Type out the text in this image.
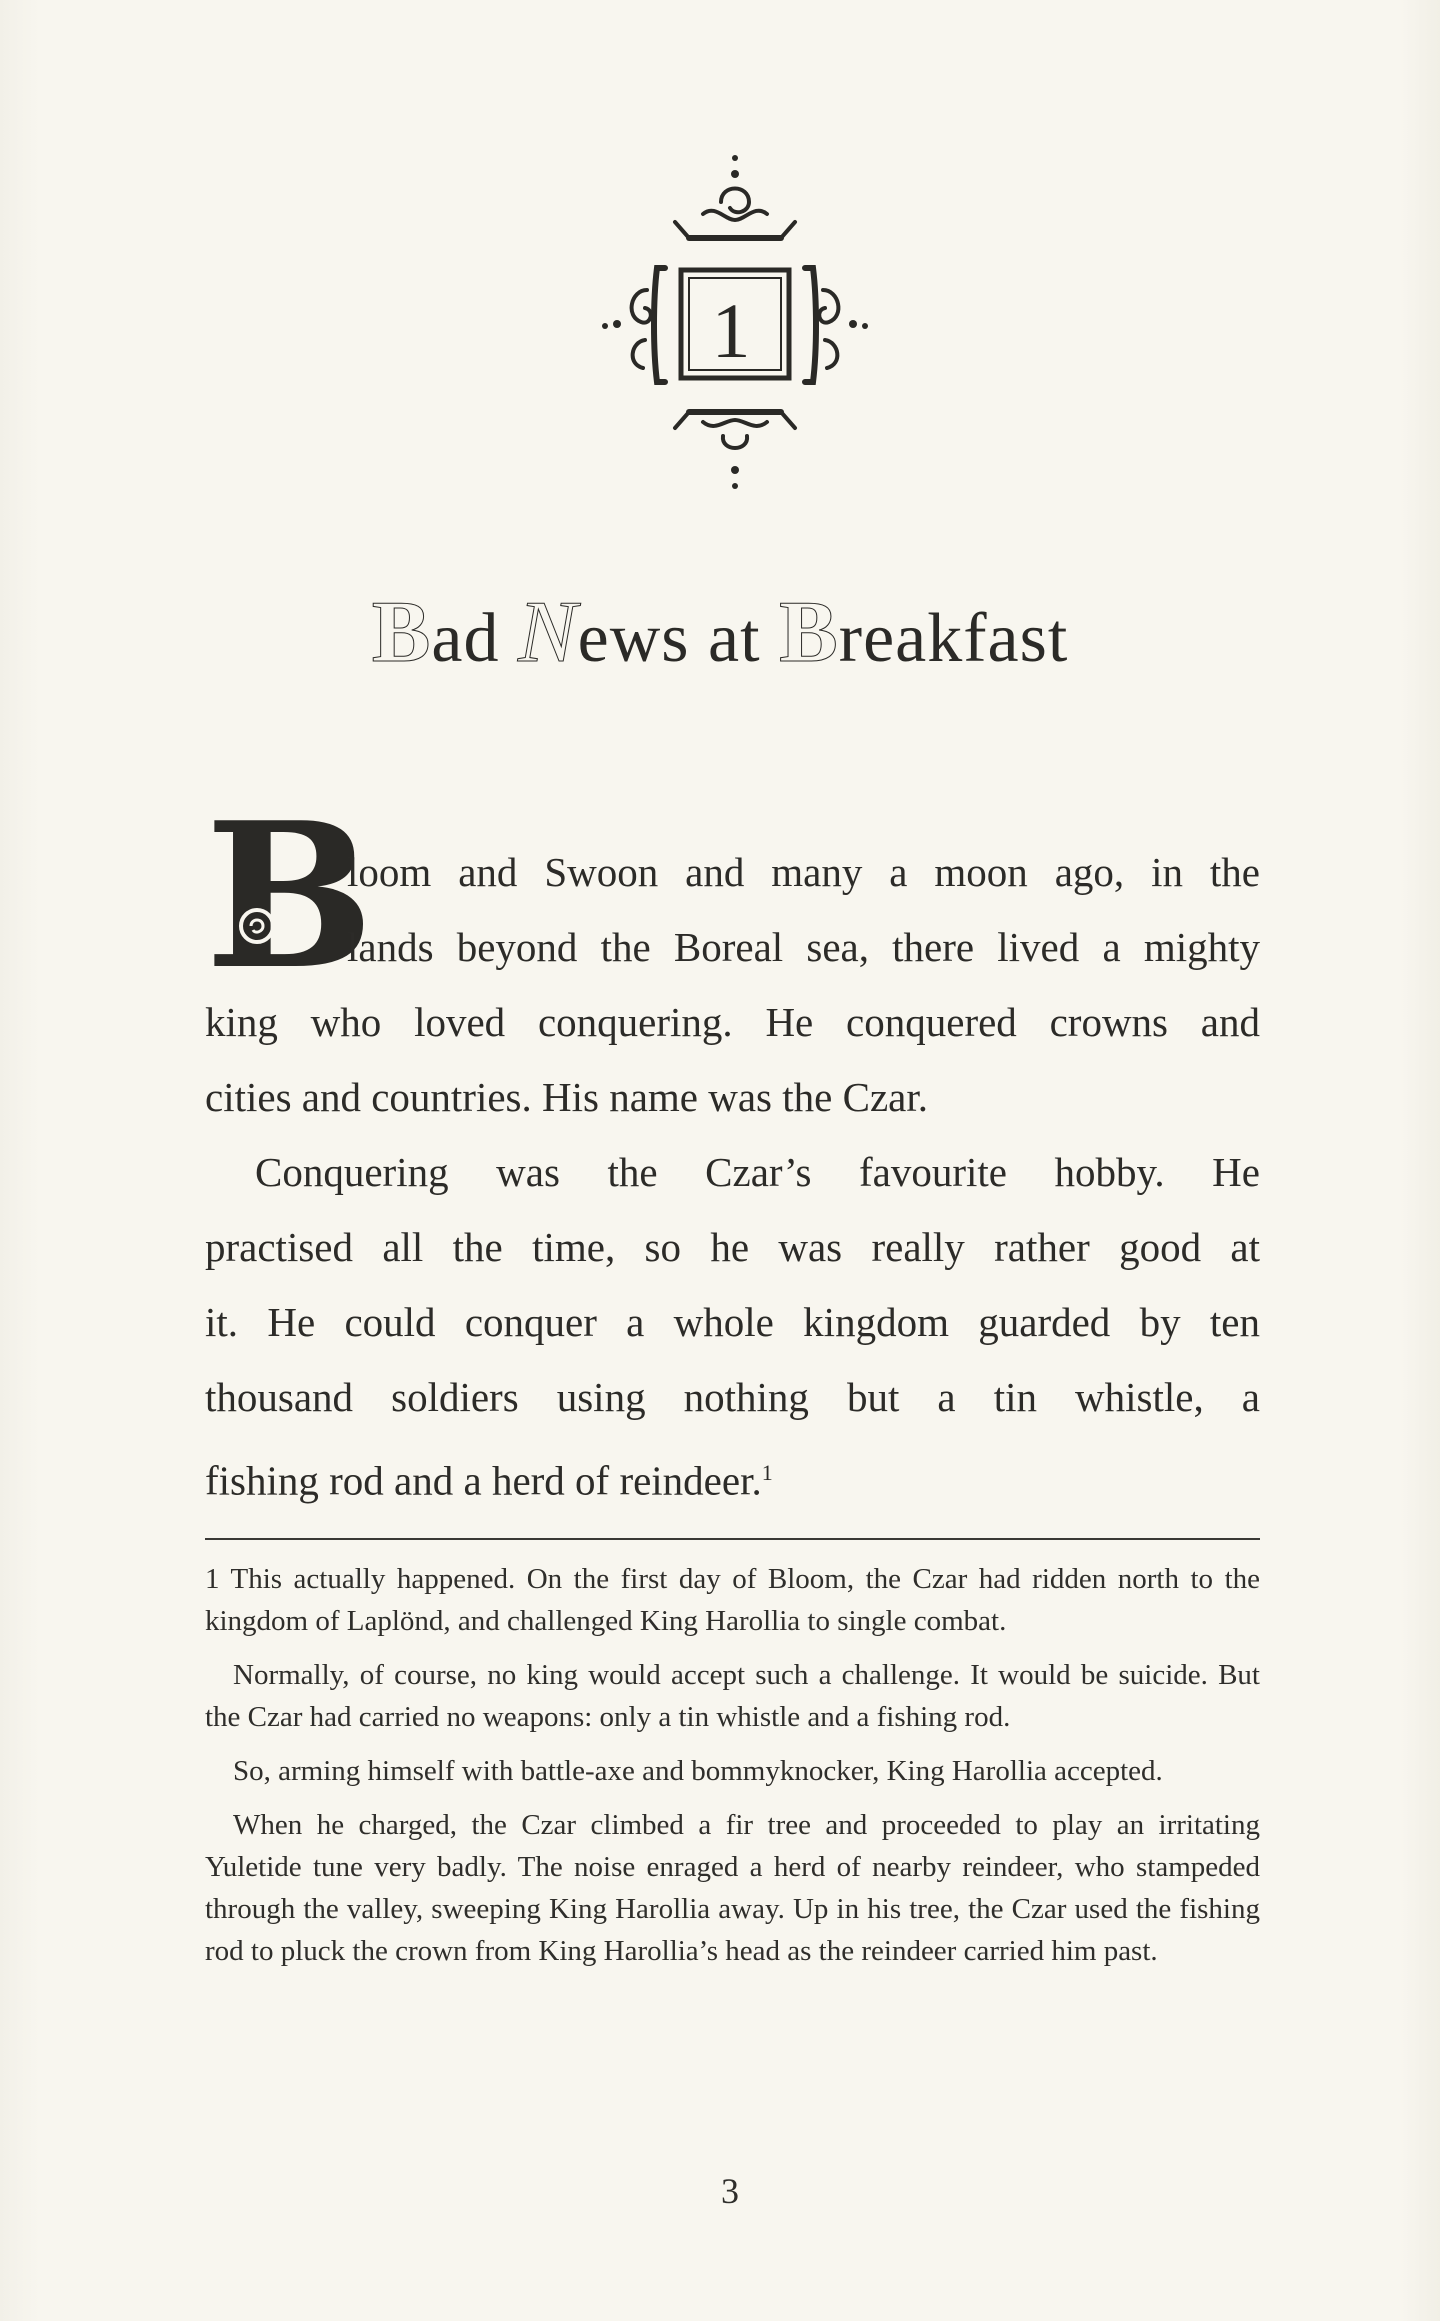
1
Bad News at Breakfast
B
loom and Swoon and many a moon ago, in the
lands beyond the Boreal sea, there lived a mighty
king who loved conquering. He conquered crowns and
cities and countries. His name was the Czar.
Conquering was the Czar’s favourite hobby. He
practised all the time, so he was really rather good at
it. He could conquer a whole kingdom guarded by ten
thousand soldiers using nothing but a tin whistle, a
fishing rod and a herd of reindeer.$^1$

1 This actually happened. On the first day of Bloom, the Czar had ridden north to the kingdom of Laplönd, and challenged King Harollia to single combat.

Normally, of course, no king would accept such a challenge. It would be suicide. But the Czar had carried no weapons: only a tin whistle and a fishing rod.

So, arming himself with battle-axe and bommyknocker, King Harollia accepted.

When he charged, the Czar climbed a fir tree and proceeded to play an irritating Yuletide tune very badly. The noise enraged a herd of nearby reindeer, who stampeded through the valley, sweeping King Harollia away. Up in his tree, the Czar used the fishing rod to pluck the crown from King Harollia’s head as the reindeer carried him past.

3
